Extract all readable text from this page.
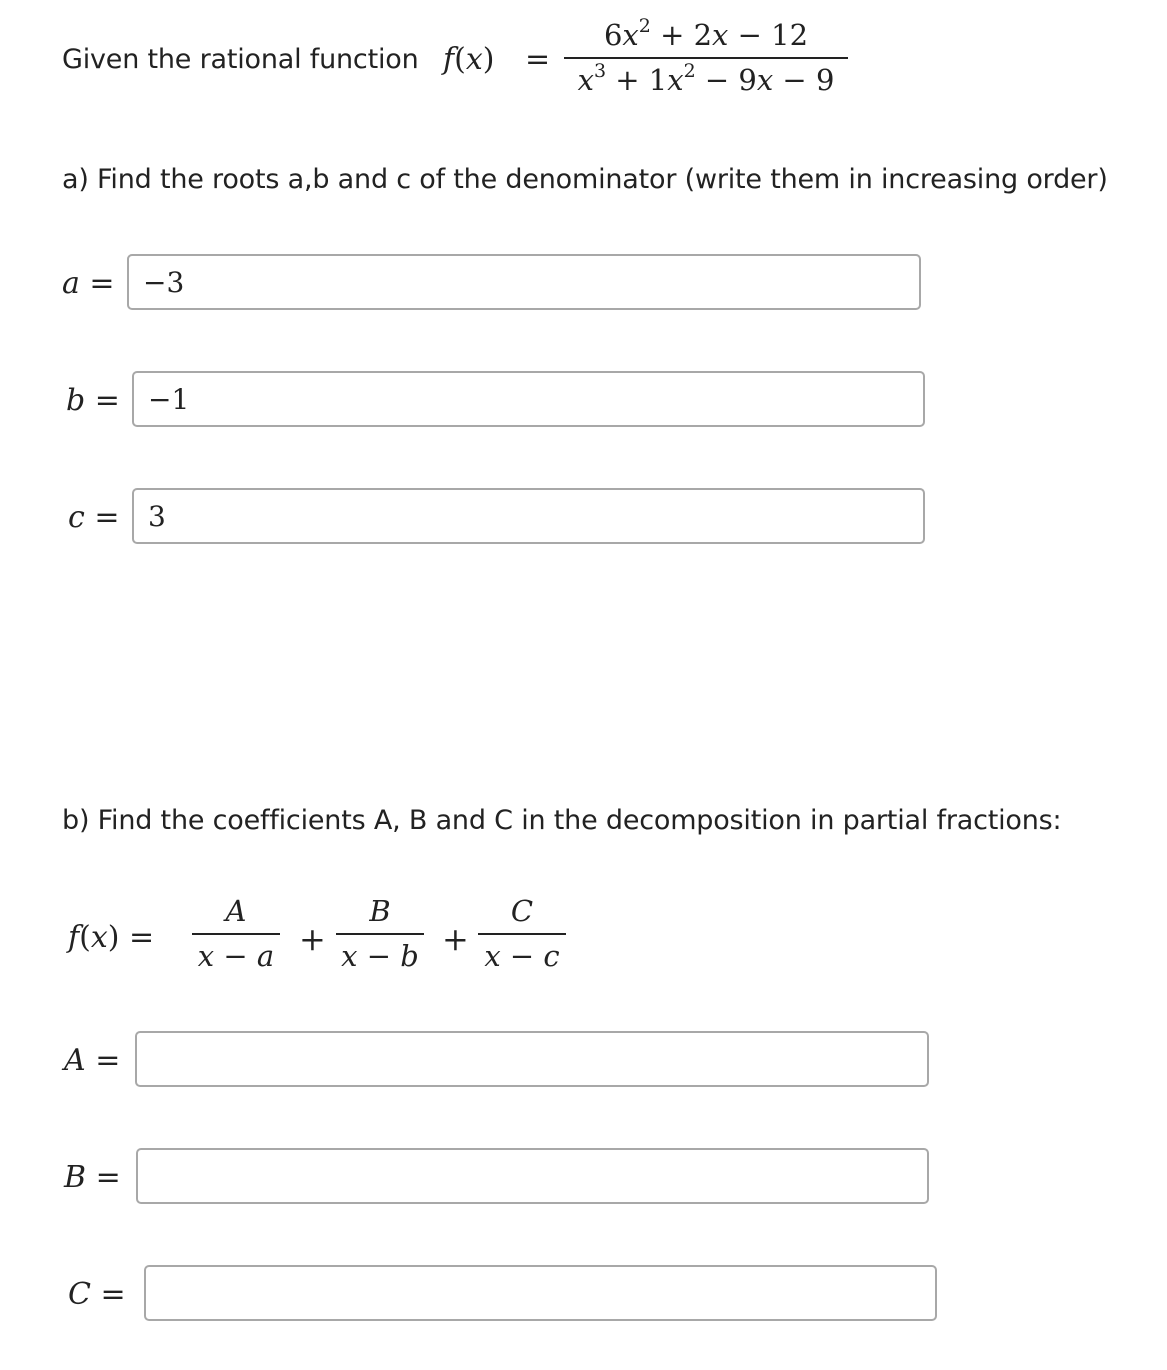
Given the rational function f(x) =
$6x^2 + 2x - 12$
$x^3 + 1x^2 - 9x - 9$
a) Find the roots a,b and c of the denominator (write them in increasing order)
a =
−3
b =
−1
c =
3
b) Find the coefficients A, B and C in the decomposition in partial fractions:
f(x) =
A
x − a +
B
x − b +
C
x − c
A =
B =
C =
